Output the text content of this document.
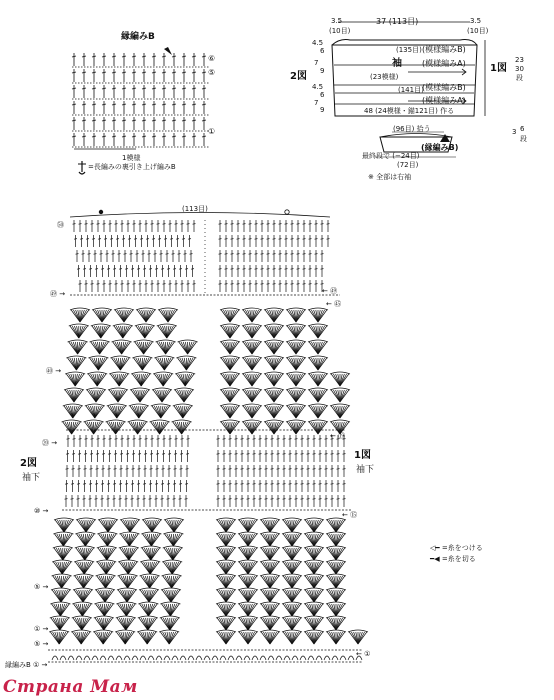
縁編みB
1模様
⑥
⑤
①
=長編みの裏引き上げ編みB
3.5
(10目)
37 (113目)	3.5
(10目)
2図
1図
(135目) (模様編みB)
袖	(模様編みA)
(23模様)
(141目)
(模様編みB)
(模様編みA)
48 (24模様・錨121目) 作る
4.5
6
7
9
4.5
6
7
9
23
30
段
(96目) 拾う
最終段で (−24目)
(縁編みB)
(72目)
3 6
段
※ 全部は右袖
(113目)
2図
袖下
1図
袖下
㊿
㊾ →
㊵ →
⑳ →
⑩ →
⑤ →
① →
⑤ →
縁編みB ① →
← ㊾
← ㊺
← ⑲
← ⑮
← ①
◁━ =糸をつける
━◀ =糸を切る
Страна Мам
